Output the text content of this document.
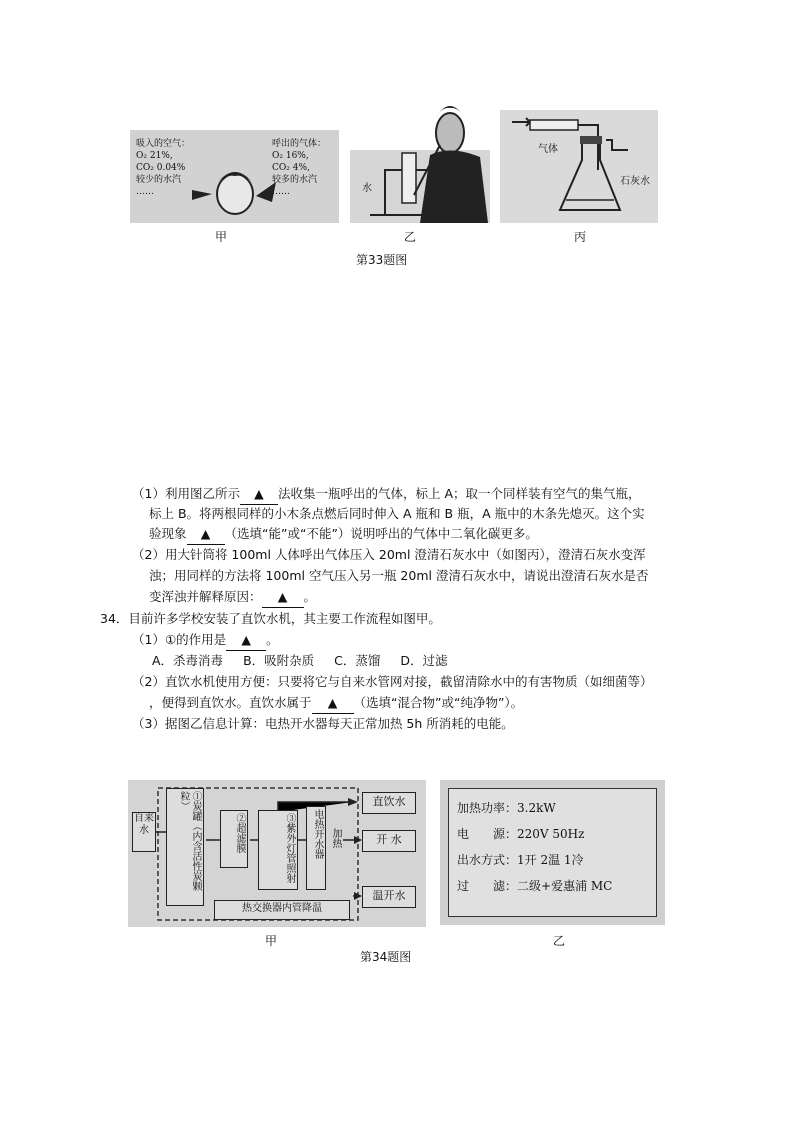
吸入的空气：
O₂ 21%,
CO₂ 0.04%
较少的水汽
……
呼出的气体：
O₂ 16%,
CO₂ 4%,
较多的水汽
……	水
气体
石灰水
甲	乙	丙
第33题图
（1）利用图乙所示 ▲ 法收集一瓶呼出的气体，标上 A；取一个同样装有空气的集气瓶，
标上 B。将两根同样的小木条点燃后同时伸入 A 瓶和 B 瓶，A 瓶中的木条先熄灭。这个实
验现象 ▲ （选填“能”或“不能”）说明呼出的气体中二氧化碳更多。
（2）用大针筒将 100ml 人体呼出气体压入 20ml 澄清石灰水中（如图丙），澄清石灰水变浑
浊；用同样的方法将 100ml 空气压入另一瓶 20ml 澄清石灰水中，请说出澄清石灰水是否
变浑浊并解释原因： ▲ 。
34．目前许多学校安装了直饮水机，其主要工作流程如图甲。
（1）①的作用是 ▲ 。
A．杀毒消毒 B．吸附杂质 C．蒸馏 D．过滤
（2）直饮水机使用方便：只要将它与自来水管网对接，截留清除水中的有害物质（如细菌等）
，便得到直饮水。直饮水属于 ▲ （选填“混合物”或“纯净物”）。
（3）据图乙信息计算：电热开水器每天正常加热 5h 所消耗的电能。
自来水	①炭罐（内含活性炭颗粒）
②超滤膜	③紫外灯管照射	电热开水器 加热
热交换器内管降温
直饮水
开 水
温开水
加热功率：3.2kW
电　　源：220V 50Hz
出水方式：1开 2温 1冷
过　　滤：二级+爱惠浦 MC
甲	乙
第34题图
